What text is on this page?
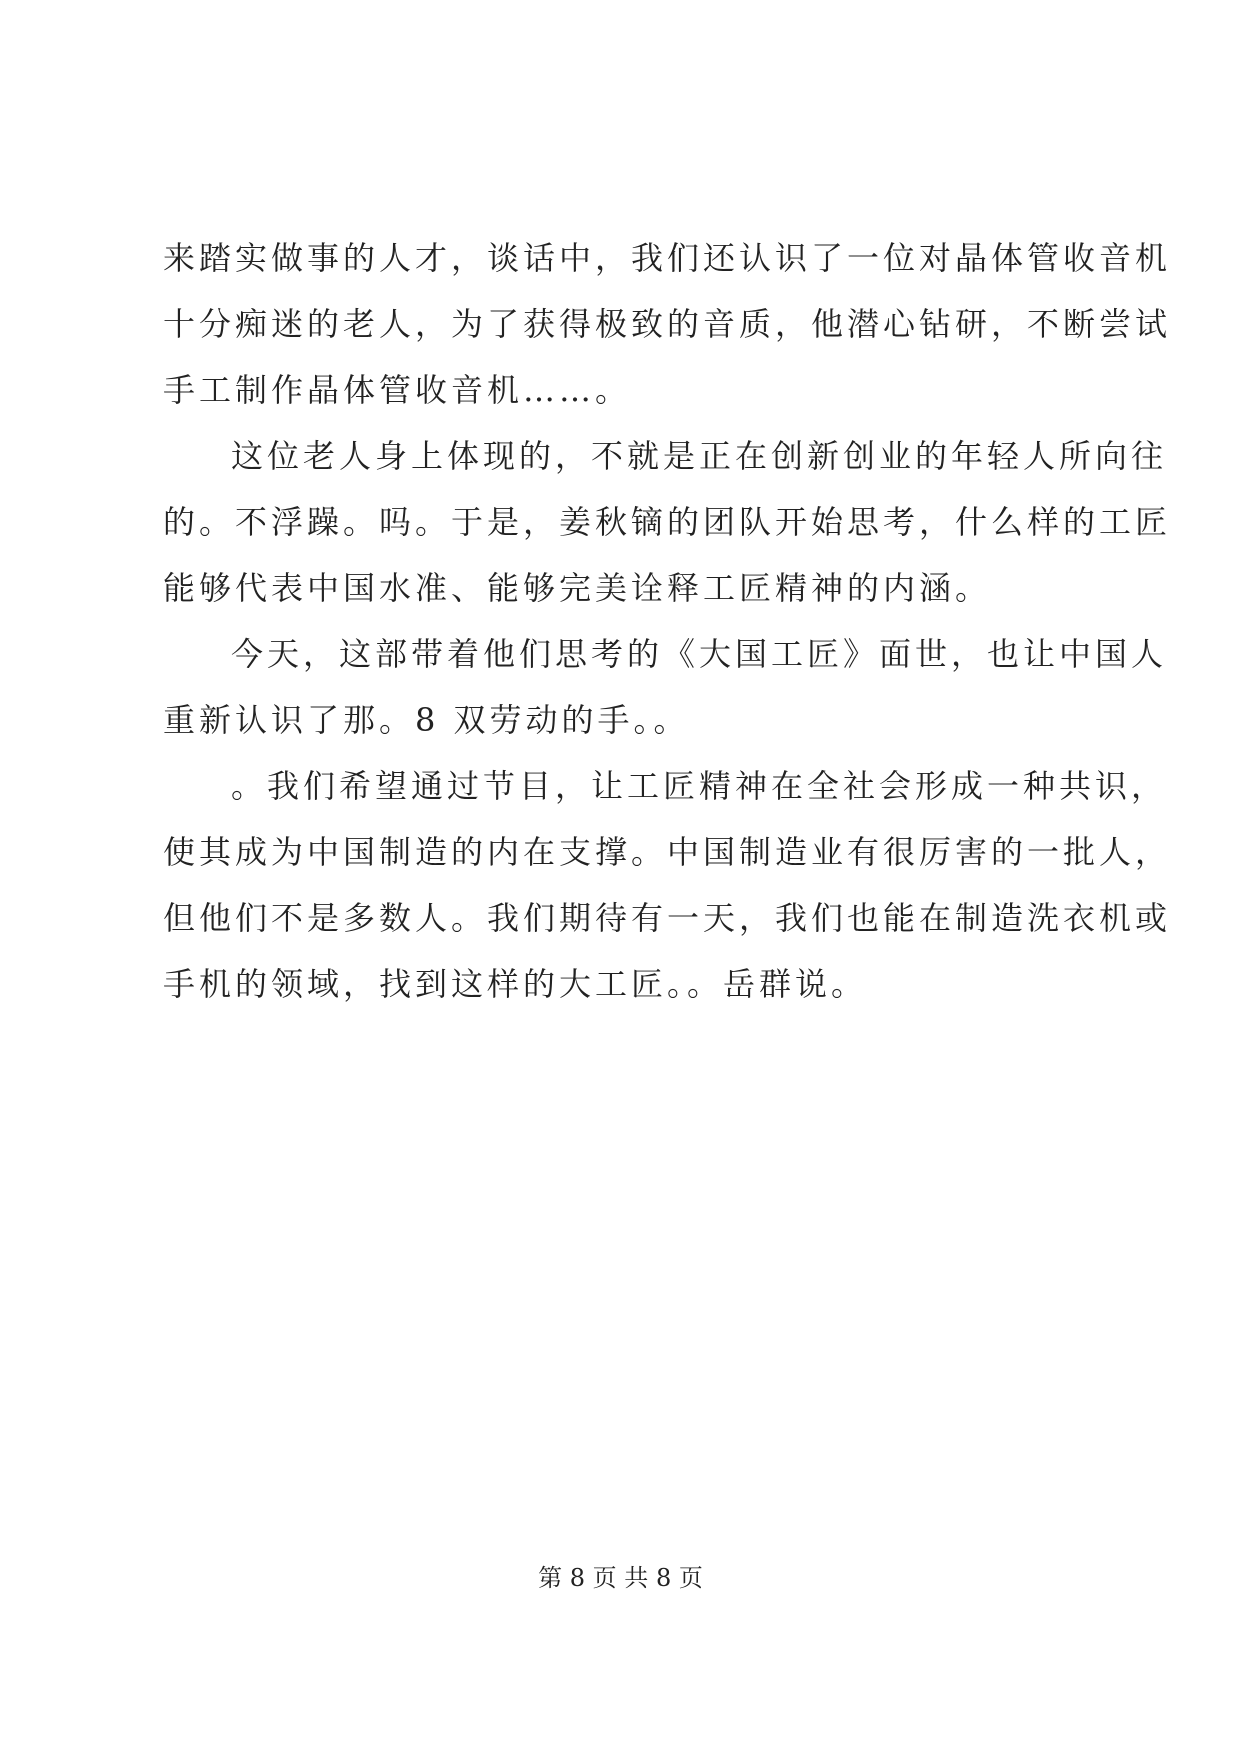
来踏实做事的人才，谈话中，我们还认识了一位对晶体管收音机
十分痴迷的老人，为了获得极致的音质，他潜心钻研，不断尝试
手工制作晶体管收音机……。
这位老人身上体现的，不就是正在创新创业的年轻人所向往
的。不浮躁。吗。于是，姜秋镝的团队开始思考，什么样的工匠
能够代表中国水准、能够完美诠释工匠精神的内涵。
今天，这部带着他们思考的《大国工匠》面世，也让中国人
重新认识了那。8 双劳动的手。。
。我们希望通过节目，让工匠精神在全社会形成一种共识，
使其成为中国制造的内在支撑。中国制造业有很厉害的一批人，
但他们不是多数人。我们期待有一天，我们也能在制造洗衣机或
手机的领域，找到这样的大工匠。。岳群说。
第 8 页 共 8 页
